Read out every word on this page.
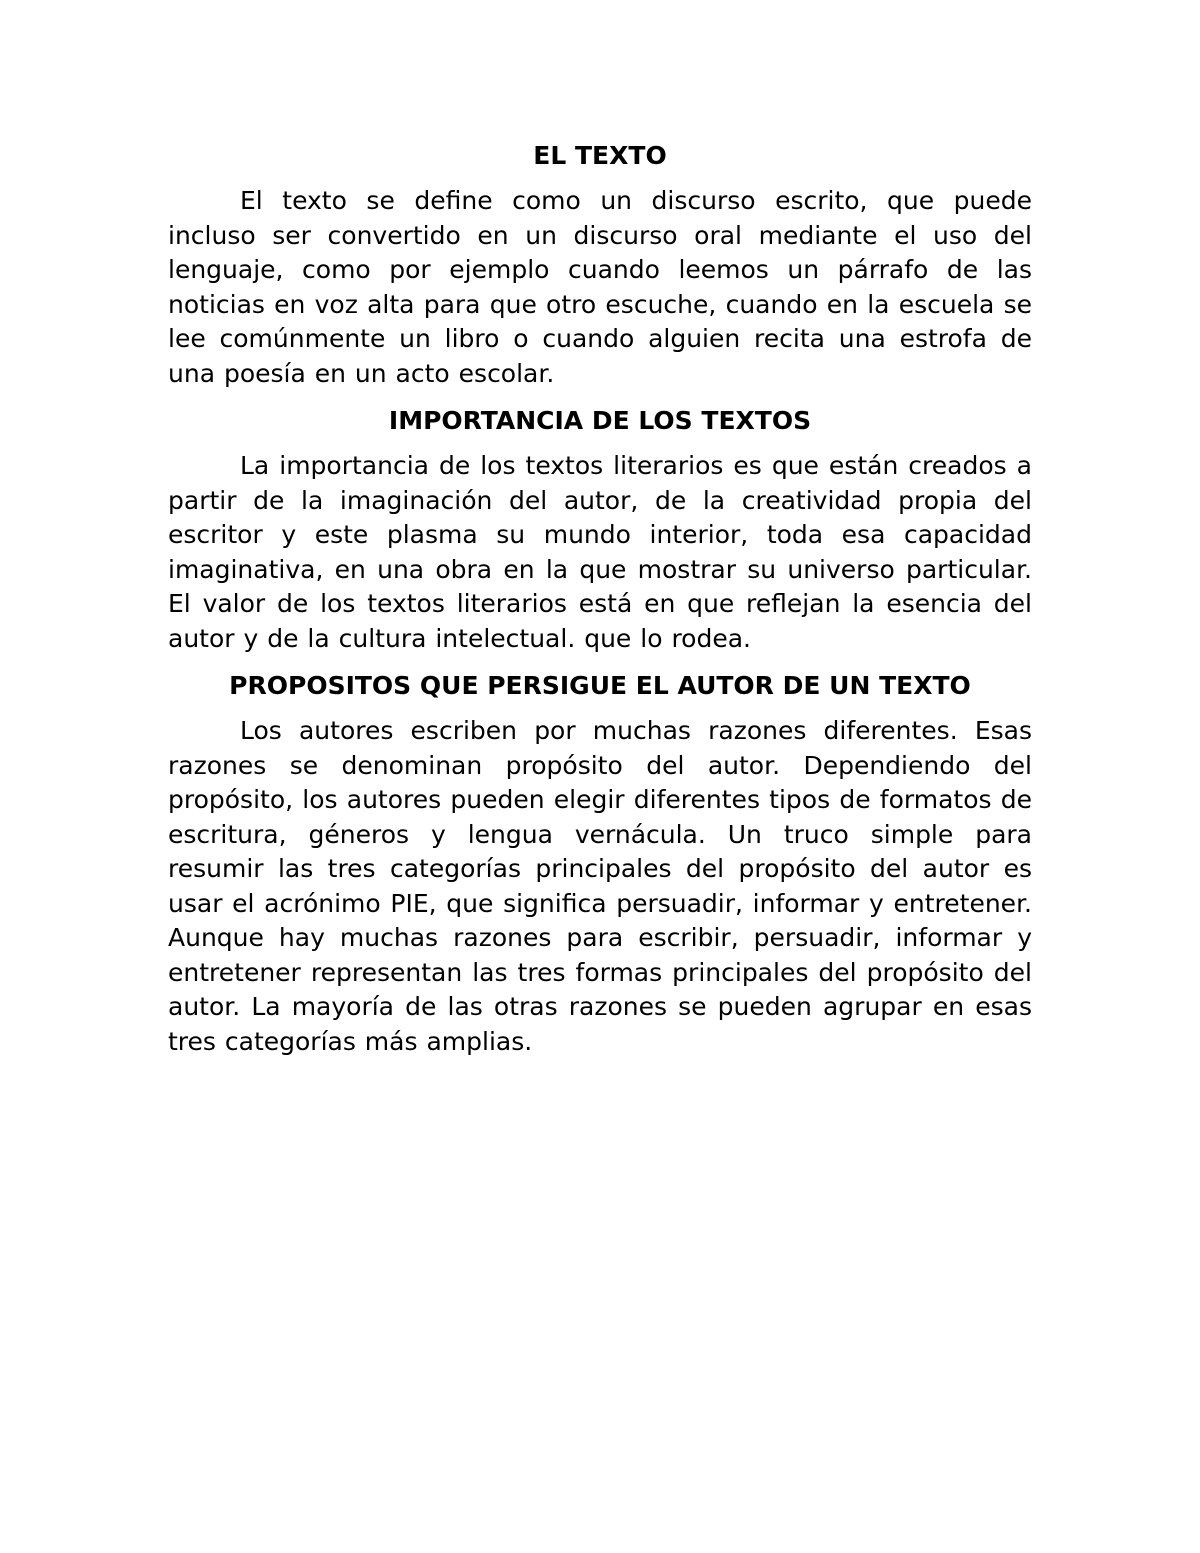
EL TEXTO

El texto se define como un discurso escrito, que puede incluso ser convertido en un discurso oral mediante el uso del lenguaje, como por ejemplo cuando leemos un párrafo de las noticias en voz alta para que otro escuche, cuando en la escuela se lee comúnmente un libro o cuando alguien recita una estrofa de una poesía en un acto escolar.

IMPORTANCIA DE LOS TEXTOS

La importancia de los textos literarios es que están creados a partir de la imaginación del autor, de la creatividad propia del escritor y este plasma su mundo interior, toda esa capacidad imaginativa, en una obra en la que mostrar su universo particular. El valor de los textos literarios está en que reflejan la esencia del autor y de la cultura intelectual. que lo rodea.

PROPOSITOS QUE PERSIGUE EL AUTOR DE UN TEXTO

Los autores escriben por muchas razones diferentes. Esas razones se denominan propósito del autor. Dependiendo del propósito, los autores pueden elegir diferentes tipos de formatos de escritura, géneros y lengua vernácula. Un truco simple para resumir las tres categorías principales del propósito del autor es usar el acrónimo PIE, que significa persuadir, informar y entretener. Aunque hay muchas razones para escribir, persuadir, informar y entretener representan las tres formas principales del propósito del autor. La mayoría de las otras razones se pueden agrupar en esas tres categorías más amplias.
